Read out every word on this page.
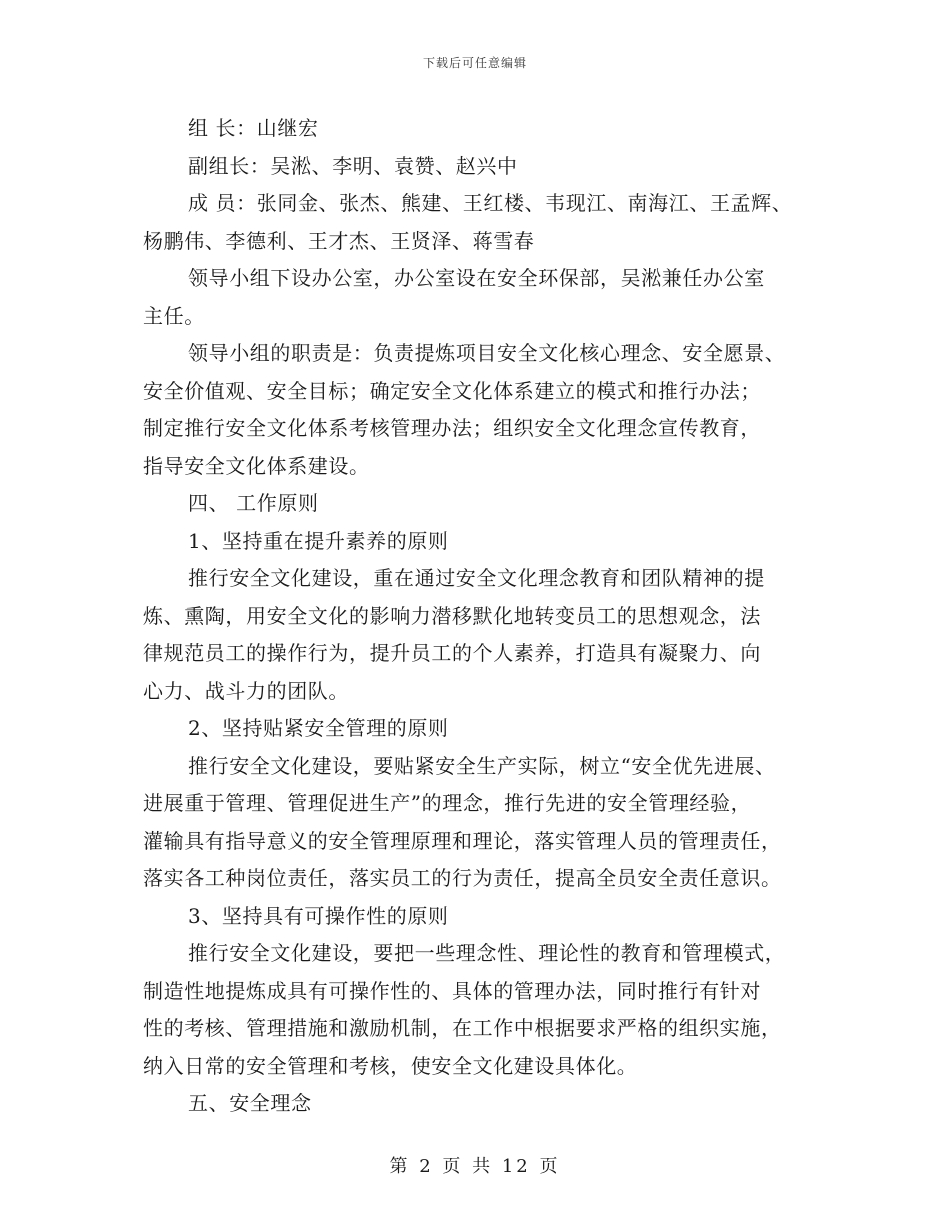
下载后可任意编辑
组 长：山继宏
副组长：吴淞、李明、袁赞、赵兴中
成 员：张同金、张杰、熊建、王红楼、韦现江、南海江、王孟辉、
杨鹏伟、李德利、王才杰、王贤泽、蒋雪春
领导小组下设办公室，办公室设在安全环保部，吴淞兼任办公室
主任。
领导小组的职责是：负责提炼项目安全文化核心理念、安全愿景、
安全价值观、安全目标；确定安全文化体系建立的模式和推行办法；
制定推行安全文化体系考核管理办法；组织安全文化理念宣传教育，
指导安全文化体系建设。
四、 工作原则
1、坚持重在提升素养的原则
推行安全文化建设，重在通过安全文化理念教育和团队精神的提
炼、熏陶，用安全文化的影响力潜移默化地转变员工的思想观念，法
律规范员工的操作行为，提升员工的个人素养，打造具有凝聚力、向
心力、战斗力的团队。
2、坚持贴紧安全管理的原则
推行安全文化建设，要贴紧安全生产实际，树立“安全优先进展、
进展重于管理、管理促进生产”的理念，推行先进的安全管理经验，
灌输具有指导意义的安全管理原理和理论，落实管理人员的管理责任，
落实各工种岗位责任，落实员工的行为责任，提高全员安全责任意识。
3、坚持具有可操作性的原则
推行安全文化建设，要把一些理念性、理论性的教育和管理模式，
制造性地提炼成具有可操作性的、具体的管理办法，同时推行有针对
性的考核、管理措施和激励机制，在工作中根据要求严格的组织实施，
纳入日常的安全管理和考核，使安全文化建设具体化。
五、安全理念
第 2 页 共 12 页
